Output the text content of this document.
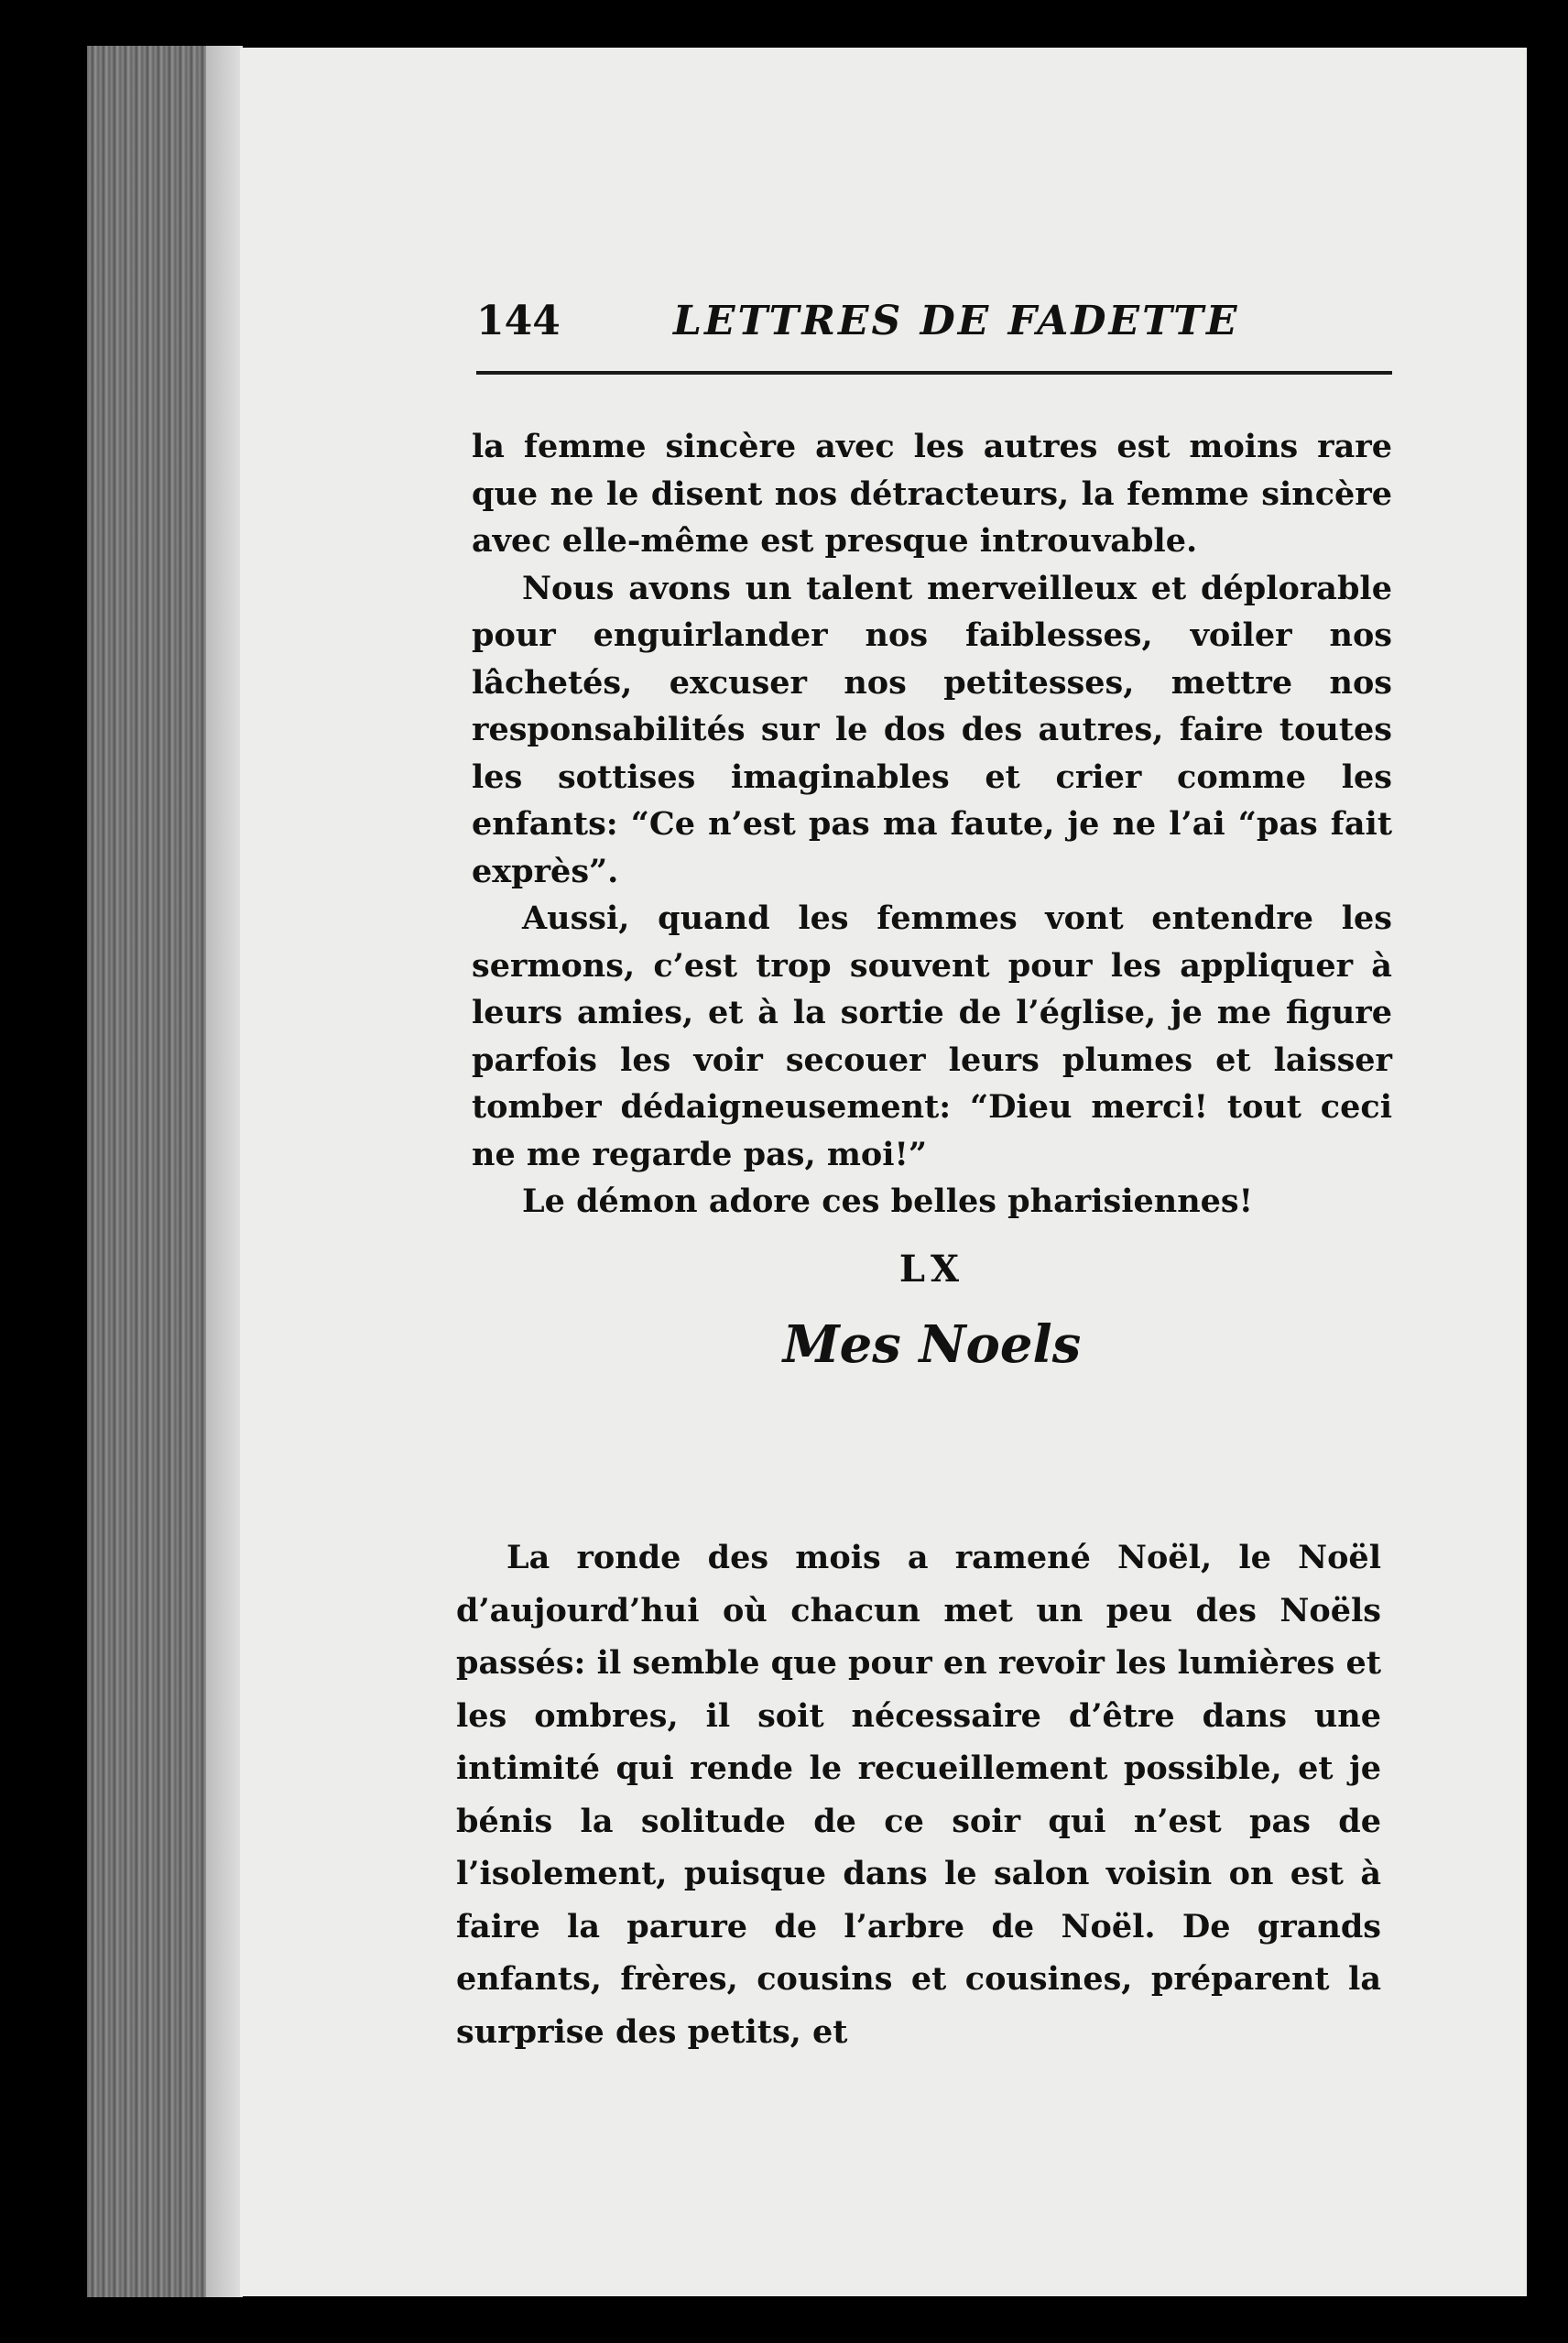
144	LETTRES DE FADETTE

la femme sincère avec les autres est moins rare que ne le disent nos détracteurs, la femme sincère avec elle-même est presque introuvable.

Nous avons un talent merveilleux et déplorable pour enguirlander nos faiblesses, voiler nos lâchetés, excuser nos petitesses, mettre nos responsabilités sur le dos des autres, faire toutes les sottises imaginables et crier comme les enfants: “Ce n’est pas ma faute, je ne l’ai “pas fait exprès”.

Aussi, quand les femmes vont entendre les sermons, c’est trop souvent pour les appliquer à leurs amies, et à la sortie de l’église, je me figure parfois les voir secouer leurs plumes et laisser tomber dédaigneusement: “Dieu merci! tout ceci ne me regarde pas, moi!”

Le démon adore ces belles pharisiennes!

LX

Mes Noels

La ronde des mois a ramené Noël, le Noël d’aujourd’hui où chacun met un peu des Noëls passés: il semble que pour en revoir les lumières et les ombres, il soit nécessaire d’être dans une intimité qui rende le recueillement possible, et je bénis la solitude de ce soir qui n’est pas de l’isolement, puisque dans le salon voisin on est à faire la parure de l’arbre de Noël. De grands enfants, frères, cousins et cousines, préparent la surprise des petits, et
